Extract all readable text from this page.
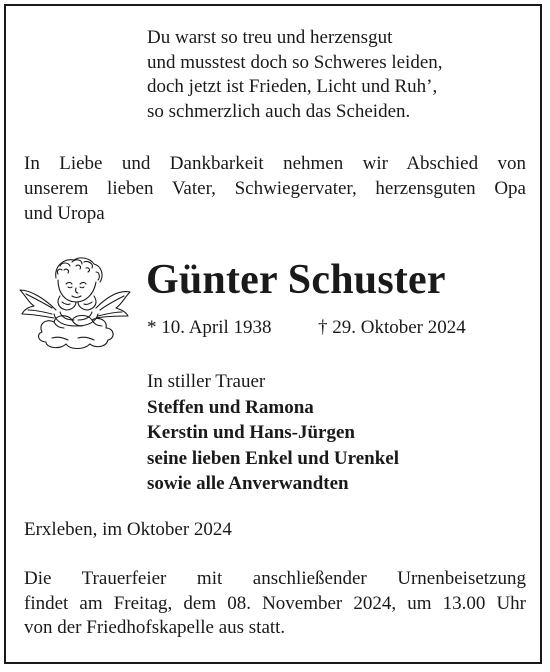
Du warst so treu und herzensgut
und musstest doch so Schweres leiden,
doch jetzt ist Frieden, Licht und Ruh’,
so schmerzlich auch das Scheiden.
In Liebe und Dankbarkeit nehmen wir Abschied von
unserem lieben Vater, Schwiegervater, herzensguten Opa
und Uropa
Günter Schuster
* 10. April 1938 † 29. Oktober 2024
In stiller Trauer
Steffen und Ramona
Kerstin und Hans-Jürgen
seine lieben Enkel und Urenkel
sowie alle Anverwandten
Erxleben, im Oktober 2024
Die Trauerfeier mit anschließender Urnenbeisetzung
findet am Freitag, dem 08. November 2024, um 13.00 Uhr
von der Friedhofskapelle aus statt.
